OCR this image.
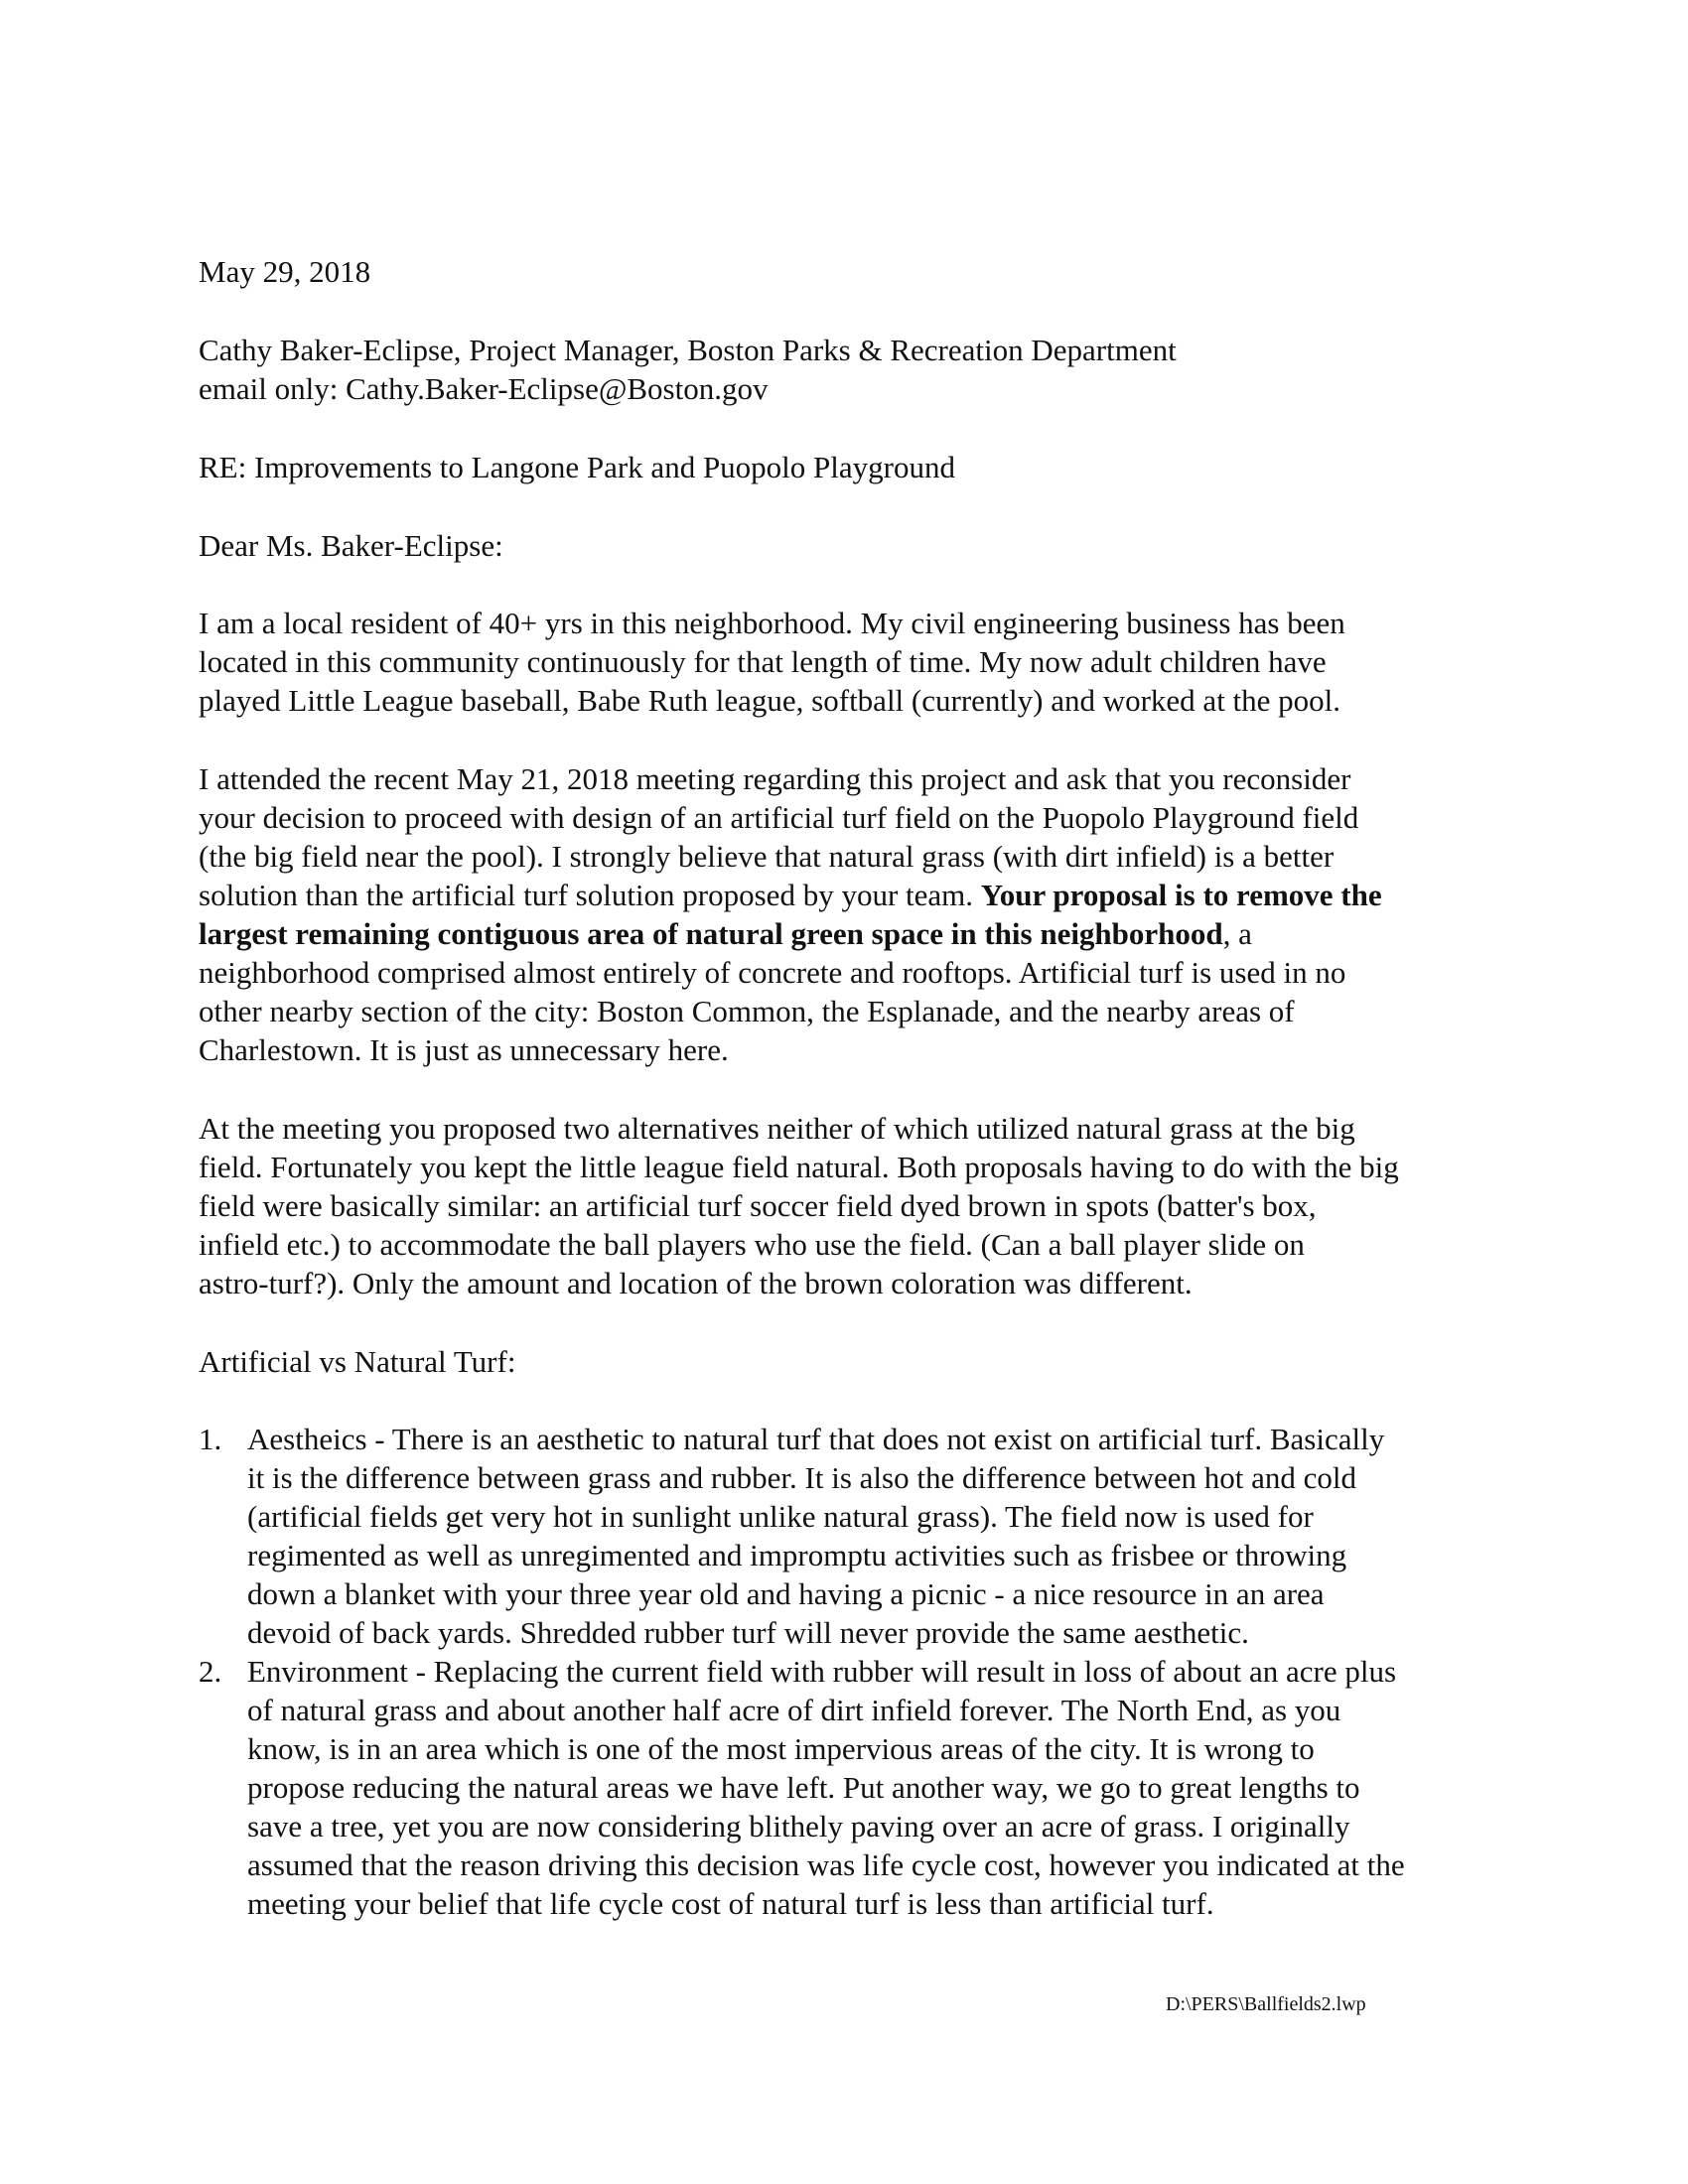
May 29, 2018

Cathy Baker-Eclipse, Project Manager, Boston Parks & Recreation Department
email only: Cathy.Baker-Eclipse@Boston.gov

RE: Improvements to Langone Park and Puopolo Playground

Dear Ms. Baker-Eclipse:

I am a local resident of 40+ yrs in this neighborhood. My civil engineering business has been
located in this community continuously for that length of time. My now adult children have
played Little League baseball, Babe Ruth league, softball (currently) and worked at the pool.

I attended the recent May 21, 2018 meeting regarding this project and ask that you reconsider
your decision to proceed with design of an artificial turf field on the Puopolo Playground field
(the big field near the pool). I strongly believe that natural grass (with dirt infield) is a better
solution than the artificial turf solution proposed by your team. Your proposal is to remove the
largest remaining contiguous area of natural green space in this neighborhood, a
neighborhood comprised almost entirely of concrete and rooftops. Artificial turf is used in no
other nearby section of the city: Boston Common, the Esplanade, and the nearby areas of
Charlestown. It is just as unnecessary here.

At the meeting you proposed two alternatives neither of which utilized natural grass at the big
field. Fortunately you kept the little league field natural. Both proposals having to do with the big
field were basically similar: an artificial turf soccer field dyed brown in spots (batter's box,
infield etc.) to accommodate the ball players who use the field. (Can a ball player slide on
astro-turf?). Only the amount and location of the brown coloration was different.

Artificial vs Natural Turf:

1. Aestheics - There is an aesthetic to natural turf that does not exist on artificial turf. Basically
it is the difference between grass and rubber. It is also the difference between hot and cold
(artificial fields get very hot in sunlight unlike natural grass). The field now is used for
regimented as well as unregimented and impromptu activities such as frisbee or throwing
down a blanket with your three year old and having a picnic - a nice resource in an area
devoid of back yards. Shredded rubber turf will never provide the same aesthetic.
2. Environment - Replacing the current field with rubber will result in loss of about an acre plus
of natural grass and about another half acre of dirt infield forever. The North End, as you
know, is in an area which is one of the most impervious areas of the city. It is wrong to
propose reducing the natural areas we have left. Put another way, we go to great lengths to
save a tree, yet you are now considering blithely paving over an acre of grass. I originally
assumed that the reason driving this decision was life cycle cost, however you indicated at the
meeting your belief that life cycle cost of natural turf is less than artificial turf.
D:\PERS\Ballfields2.lwp
